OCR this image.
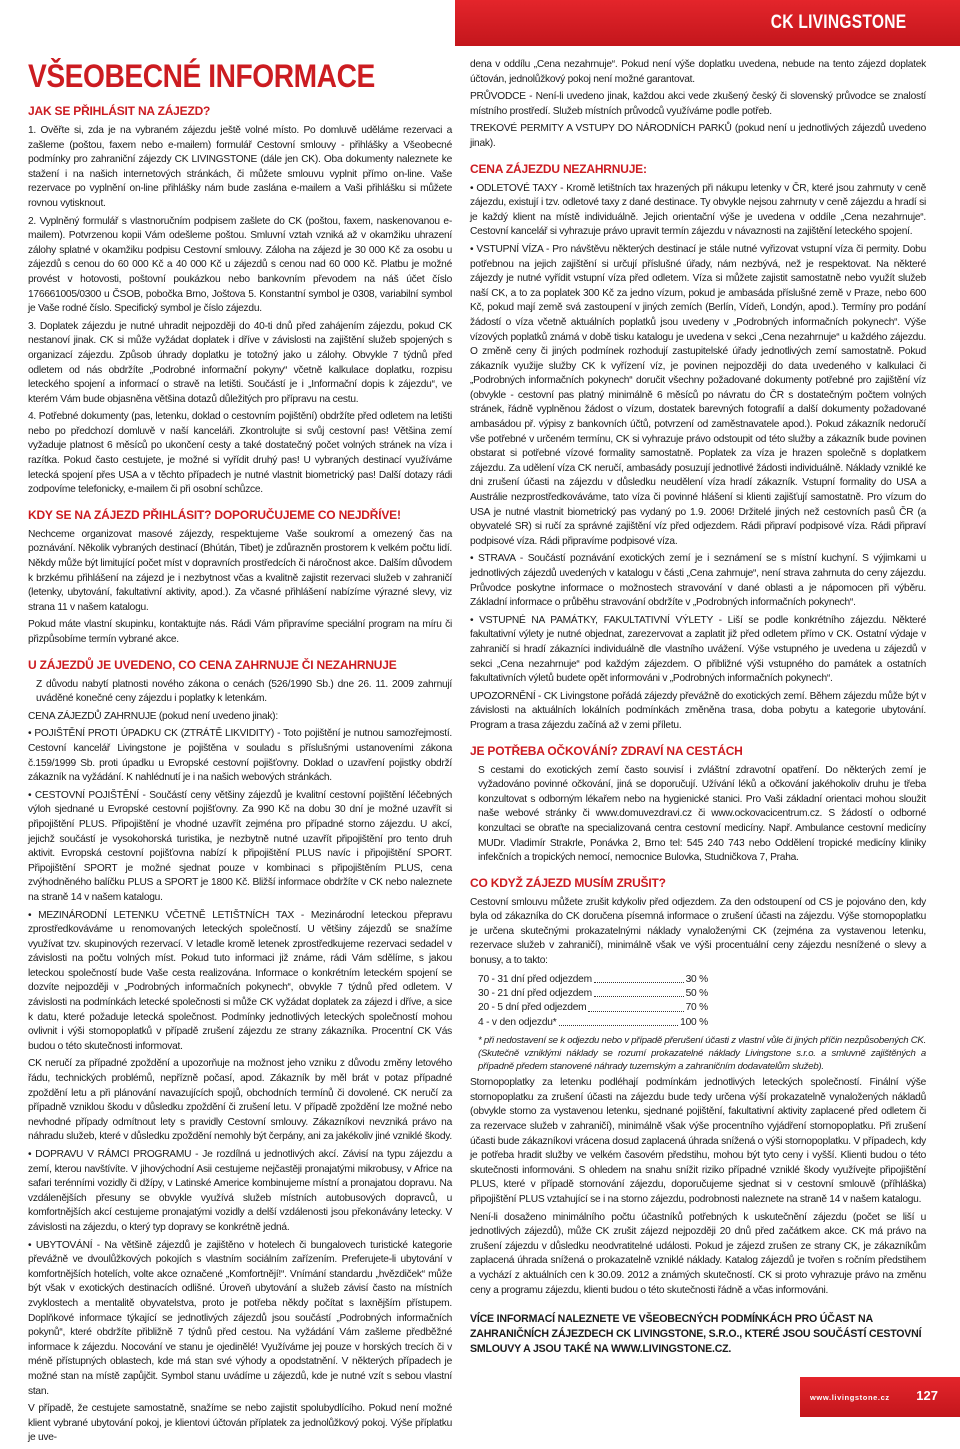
CK LIVINGSTONE
VŠEOBECNÉ INFORMACE
JAK SE PŘIHLÁSIT NA ZÁJEZD?

1. Ověřte si, zda je na vybraném zájezdu ještě volné místo. Po domluvě uděláme rezervaci a zašleme (poštou, faxem nebo e-mailem) formulář Cestovní smlouvy - přihlášky a Všeobecné podmínky pro zahraniční zájezdy CK LIVINGSTONE (dále jen CK). Oba dokumenty naleznete ke stažení i na našich internetových stránkách, či můžete smlouvu vyplnit přímo on-line. Vaše rezervace po vyplnění on-line přihlášky nám bude zaslána e-mailem a Vaši přihlášku si můžete rovnou vytisknout.

2. Vyplněný formulář s vlastnoručním podpisem zašlete do CK (poštou, faxem, naskenovanou e-mailem). Potvrzenou kopii Vám odešleme poštou. Smluvní vztah vzniká až v okamžiku uhrazení zálohy splatné v okamžiku podpisu Cestovní smlouvy. Záloha na zájezd je 30 000 Kč za osobu u zájezdů s cenou do 60 000 Kč a 40 000 Kč u zájezdů s cenou nad 60 000 Kč. Platbu je možné provést v hotovosti, poštovní poukázkou nebo bankovním převodem na náš účet číslo 176661005/0300 u ČSOB, pobočka Brno, Joštova 5. Konstantní symbol je 0308, variabilní symbol je Vaše rodné číslo. Specifický symbol je číslo zájezdu.

3. Doplatek zájezdu je nutné uhradit nejpozději do 40-ti dnů před zahájením zájezdu, pokud CK nestanoví jinak. CK si může vyžádat doplatek i dříve v závislosti na zajištění služeb spojených s organizací zájezdu. Způsob úhrady doplatku je totožný jako u zálohy. Obvykle 7 týdnů před odletem od nás obdržíte „Podrobné informační pokyny“ včetně kalkulace doplatku, rozpisu leteckého spojení a informací o stravě na letišti. Součástí je i „Informační dopis k zájezdu“, ve kterém Vám bude objasněna většina dotazů důležitých pro přípravu na cestu.

4. Potřebné dokumenty (pas, letenku, doklad o cestovním pojištění) obdržíte před odletem na letišti nebo po předchozí domluvě v naší kanceláři. Zkontrolujte si svůj cestovní pas! Většina zemí vyžaduje platnost 6 měsíců po ukončení cesty a také dostatečný počet volných stránek na víza i razítka. Pokud často cestujete, je možné si vyřídit druhý pas! U vybraných destinací využíváme letecká spojení přes USA a v těchto případech je nutné vlastnit biometrický pas! Další dotazy rádi zodpovíme telefonicky, e-mailem či při osobní schůzce.

KDY SE NA ZÁJEZD PŘIHLÁSIT? DOPORUČUJEME CO NEJDŘÍVE!

Nechceme organizovat masové zájezdy, respektujeme Vaše soukromí a omezený čas na poznávání. Několik vybraných destinací (Bhútán, Tibet) je zdůrazněn prostorem k velkém počtu lidí. Někdy může být limitující počet míst v dopravních prostředcích či náročnost akce. Dalším důvodem k brzkému přihlášení na zájezd je i nezbytnost včas a kvalitně zajistit rezervaci služeb v zahraničí (letenky, ubytování, fakultativní aktivity, apod.). Za včasné přihlášení nabízíme výrazné slevy, viz strana 11 v našem katalogu.

Pokud máte vlastní skupinku, kontaktujte nás. Rádi Vám připravíme speciální program na míru či přizpůsobíme termín vybrané akce.

U ZÁJEZDŮ JE UVEDENO, CO CENA ZAHRNUJE ČI NEZAHRNUJE

Z důvodu nabytí platnosti nového zákona o cenách (526/1990 Sb.) dne 26. 11. 2009 zahrnují uváděné konečné ceny zájezdu i poplatky k letenkám.

CENA ZÁJEZDŮ ZAHRNUJE (pokud není uvedeno jinak):

• POJIŠTĚNÍ PROTI ÚPADKU CK (ZTRÁTĚ LIKVIDITY) - Toto pojištění je nutnou samozřejmostí. Cestovní kancelář Livingstone je pojištěna v souladu s příslušnými ustanoveními zákona č.159/1999 Sb. proti úpadku u Evropské cestovní pojišťovny. Doklad o uzavření pojistky obdrží zákazník na vyžádání. K nahlédnutí je i na našich webových stránkách.

• CESTOVNÍ POJIŠTĚNÍ - Součástí ceny většiny zájezdů je kvalitní cestovní pojištění léčebných výloh sjednané u Evropské cestovní pojišťovny. Za 990 Kč na dobu 30 dní je možné uzavřít si připojištění PLUS. Připojištění je vhodné uzavřít zejména pro případné storno zájezdu. U akcí, jejichž součástí je vysokohorská turistika, je nezbytně nutné uzavřít připojištění pro tento druh aktivit. Evropská cestovní pojišťovna nabízí k připojištění PLUS navíc i připojištění SPORT. Připojištění SPORT je možné sjednat pouze v kombinaci s připojištěním PLUS, cena zvýhodněného balíčku PLUS a SPORT je 1800 Kč. Bližší informace obdržíte v CK nebo naleznete na straně 14 v našem katalogu.

• MEZINÁRODNÍ LETENKU VČETNĚ LETIŠTNÍCH TAX - Mezinárodní leteckou přepravu zprostředkováváme u renomovaných leteckých společností. U většiny zájezdů se snažíme využívat tzv. skupinových rezervací. V letadle kromě letenek zprostředkujeme rezervaci sedadel v závislosti na počtu volných míst. Pokud tuto informaci již známe, rádi Vám sdělíme, s jakou leteckou společností bude Vaše cesta realizována. Informace o konkrétním leteckém spojení se dozvíte nejpozději v „Podrobných informačních pokynech“, obvykle 7 týdnů před odletem. V závislosti na podmínkách letecké společnosti si může CK vyžádat doplatek za zájezd i dříve, a sice k datu, které požaduje letecká společnost. Podmínky jednotlivých leteckých společností mohou ovlivnit i výši stornopoplatků v případě zrušení zájezdu ze strany zákazníka. Procentní CK Vás budou o této skutečnosti informovat.

CK neručí za případné zpoždění a upozorňuje na možnost jeho vzniku z důvodu změny letového řádu, technických problémů, nepřízně počasí, apod. Zákazník by měl brát v potaz případné zpoždění letu a při plánování navazujících spojů, obchodních termínů či dovolené. CK neručí za případně vzniklou škodu v důsledku zpoždění či zrušení letu. V případě zpoždění lze možné nebo nevhodné případy odmítnout lety s pravidly Cestovní smlouvy. Zákazníkovi nevzniká právo na náhradu služeb, které v důsledku zpoždění nemohly být čerpány, ani za jakékoliv jiné vzniklé škody.

• DOPRAVU V RÁMCI PROGRAMU - Je rozdílná u jednotlivých akcí. Závisí na typu zájezdu a zemí, kterou navštívíte. V jihovýchodní Asii cestujeme nejčastěji pronajatými mikrobusy, v Africe na safari terénními vozidly či džípy, v Latinské Americe kombinujeme místní a pronajatou dopravu. Na vzdálenějších přesuny se obvykle využívá služeb místních autobusových dopravců, u komfortnějších akcí cestujeme pronajatými vozidly a delší vzdálenosti jsou překonávány letecky. V závislosti na zájezdu, o který typ dopravy se konkrétně jedná.

• UBYTOVÁNÍ - Na většině zájezdů je zajištěno v hotelech či bungalovech turistické kategorie převážně ve dvoulůžkových pokojích s vlastním sociálním zařízením. Preferujete-li ubytování v komfortnějších hotelích, volte akce označené „Komfortnějí!“. Vnímání standardu „hvězdiček“ může být však v exotických destinacích odlišné. Úroveň ubytování a služeb závisí často na místních zvyklostech a mentalitě obyvatelstva, proto je potřeba někdy počítat s laxnějším přístupem. Doplňkové informace týkající se jednotlivých zájezdů jsou součástí „Podrobných informačních pokynů“, které obdržíte přibližně 7 týdnů před cestou. Na vyžádání Vám zašleme předběžné informace k zájezdu. Nocování ve stanu je ojedinělé! Využíváme jej pouze v horských trecích či v méně přístupných oblastech, kde má stan své výhody a opodstatnění. V některých případech je možné stan na místě zapůjčit. Symbol stanu uvádíme u zájezdů, kde je nutné vzít s sebou vlastní stan.

V případě, že cestujete samostatně, snažíme se nebo zajistit spolubydlícího. Pokud není možné klient vybrané ubytování pokoj, je klientovi účtován příplatek za jednolůžkový pokoj. Výše příplatku je uve-

dena v oddílu „Cena nezahrnuje“. Pokud není výše doplatku uvedena, nebude na tento zájezd doplatek účtován, jednolůžkový pokoj není možné garantovat.

PRŮVODCE - Není-li uvedeno jinak, každou akci vede zkušený český či slovenský průvodce se znalostí místního prostředí. Služeb místních průvodců využíváme podle potřeb.

TREKOVÉ PERMITY A VSTUPY DO NÁRODNÍCH PARKŮ (pokud není u jednotlivých zájezdů uvedeno jinak).

CENA ZÁJEZDU NEZAHRNUJE:

• ODLETOVÉ TAXY - Kromě letištních tax hrazených při nákupu letenky v ČR, které jsou zahrnuty v ceně zájezdu, existují i tzv. odletové taxy z dané destinace. Ty obvykle nejsou zahrnuty v ceně zájezdu a hradí si je každý klient na místě individuálně. Jejich orientační výše je uvedena v oddíle „Cena nezahrnuje“. Cestovní kancelář si vyhrazuje právo upravit termín zájezdu v návaznosti na zajištění leteckého spojení.

• VSTUPNÍ VÍZA - Pro návštěvu některých destinací je stále nutné vyřizovat vstupní víza či permity. Dobu potřebnou na jejich zajištění si určují příslušné úřady, nám nezbývá, než je respektovat. Na některé zájezdy je nutné vyřídit vstupní víza před odletem. Víza si můžete zajistit samostatně nebo využít služeb naší CK, a to za poplatek 300 Kč za jedno vízum, pokud je ambasáda příslušné země v Praze, nebo 600 Kč, pokud mají země svá zastoupení v jiných zemích (Berlín, Vídeň, Londýn, apod.). Termíny pro podání žádostí o víza včetně aktuálních poplatků jsou uvedeny v „Podrobných informačních pokynech“. Výše vízových poplatků známá v době tisku katalogu je uvedena v sekci „Cena nezahrnuje“ u každého zájezdu. O změně ceny či jiných podmínek rozhodují zastupitelské úřady jednotlivých zemí samostatně. Pokud zákazník využije služby CK k vyřízení víz, je povinen nejpozději do data uvedeného v kalkulaci či „Podrobných informačních pokynech“ doručit všechny požadované dokumenty potřebné pro zajištění víz (obvykle - cestovní pas platný minimálně 6 měsíců po návratu do ČR s dostatečným počtem volných stránek, řádně vyplněnou žádost o vízum, dostatek barevných fotografií a další dokumenty požadované ambasádou př. výpisy z bankovních účtů, potvrzení od zaměstnavatele apod.). Pokud zákazník nedoručí vše potřebné v určeném termínu, CK si vyhrazuje právo odstoupit od této služby a zákazník bude povinen obstarat si potřebné vízové formality samostatně. Poplatek za víza je hrazen společně s doplatkem zájezdu. Za udělení víza CK neručí, ambasády posuzují jednotlivé žádosti individuálně. Náklady vzniklé ke dni zrušení účasti na zájezdu v důsledku neudělení víza hradí zákazník. Vstupní formality do USA a Austrálie nezprostředkováváme, tato víza či povinné hlášení si klienti zajišťují samostatně. Pro vízum do USA je nutné vlastnit biometrický pas vydaný po 1.9. 2006! Držitelé jiných než cestovních pasů ČR (a obyvatelé SR) si ručí za správné zajištění víz před odjezdem. Rádi připraví podpisové víza. Rádi připraví podpisové víza. Rádi připravíme podpisové víza.

• STRAVA - Součástí poznávání exotických zemí je i seznámení se s místní kuchyní. S výjimkami u jednotlivých zájezdů uvedených v katalogu v části „Cena zahrnuje“, není strava zahrnuta do ceny zájezdu. Průvodce poskytne informace o možnostech stravování v dané oblasti a je nápomocen při výběru. Základní informace o průběhu stravování obdržíte v „Podrobných informačních pokynech“.

• VSTUPNÉ NA PAMÁTKY, FAKULTATIVNÍ VÝLETY - Liší se podle konkrétního zájezdu. Některé fakultativní výlety je nutné objednat, zarezervovat a zaplatit již před odletem přímo v CK. Ostatní výdaje v zahraničí si hradí zákazníci individuálně dle vlastního uvážení. Výše vstupného je uvedena u zájezdů v sekci „Cena nezahrnuje“ pod každým zájezdem. O přibližné výši vstupného do památek a ostatních fakultativních výletů budete opět informováni v „Podrobných informačních pokynech“.

UPOZORNĚNÍ - CK Livingstone pořádá zájezdy převážně do exotických zemí. Během zájezdu může být v závislosti na aktuálních lokálních podmínkách změněna trasa, doba pobytu a kategorie ubytování. Program a trasa zájezdu začíná až v zemi příletu.

JE POTŘEBA OČKOVÁNÍ? ZDRAVÍ NA CESTÁCH

S cestami do exotických zemí často souvisí i zvláštní zdravotní opatření. Do některých zemí je vyžadováno povinné očkování, jiná se doporučují. Užívání léků a očkování jakéhokoliv druhu je třeba konzultovat s odborným lékařem nebo na hygienické stanici. Pro Vaši základní orientaci mohou sloužit naše webové stránky či www.domuvezdravi.cz či www.ockovacicentrum.cz. S žádostí o odborné konzultaci se obraťte na specializovaná centra cestovní medicíny. Např. Ambulance cestovní medicíny MUDr. Vladimír Strakrle, Ponávka 2, Brno tel: 545 240 743 nebo Oddělení tropické medicíny kliniky infekčních a tropických nemocí, nemocnice Bulovka, Studničkova 7, Praha.

CO KDYŽ ZÁJEZD MUSÍM ZRUŠIT?

Cestovní smlouvu můžete zrušit kdykoliv před odjezdem. Za den odstoupení od CS je pojováno den, kdy byla od zákazníka do CK doručena písemná informace o zrušení účasti na zájezdu. Výše stornopoplatku je určena skutečnými prokazatelnými náklady vynaloženými CK (zejména za vystavenou letenku, rezervace služeb v zahraničí), minimálně však ve výši procentuální ceny zájezdu nesnížené o slevy a bonusy, a to takto:

70 - 31 dní před odjezdem	30 %
30 - 21 dní před odjezdem	50 %
20 - 5 dní před odjezdem	70 %
4 - v den odjezdu*	100 %

* při nedostavení se k odjezdu nebo v případě přerušení účasti z vlastní vůle či jiných příčin nezpůsobených CK. (Skutečně vzniklými náklady se rozumí prokazatelné náklady Livingstone s.r.o. a smluvně zajištěných a případně předem stanovené náhrady tuzemským a zahraničním dodavatelům služeb).

Stornopoplatky za letenku podléhají podmínkám jednotlivých leteckých společností. Finální výše stornopoplatku za zrušení účasti na zájezdu bude tedy určena výší prokazatelně vynaložených nákladů (obvykle storno za vystavenou letenku, sjednané pojištění, fakultativní aktivity zaplacené před odletem či za rezervace služeb v zahraničí), minimálně však výše procentního vyjádření stornopoplatku. Při zrušení účasti bude zákazníkovi vrácena dosud zaplacená úhrada snížená o výši stornopoplatku. V případech, kdy je potřeba hradit služby ve velkém časovém předstihu, mohou být tyto ceny i vyšší. Klienti budou o této skutečnosti informováni. S ohledem na snahu snížit riziko případné vzniklé škody využívejte připojištění PLUS, které v případě stornování zájezdu, doporučujeme sjednat si v cestovní smlouvě (příhláška) připojištění PLUS vztahující se i na storno zájezdu, podrobnosti naleznete na straně 14 v našem katalogu.

Není-li dosaženo minimálního počtu účastníků potřebných k uskutečnění zájezdu (počet se liší u jednotlivých zájezdů), může CK zrušit zájezd nejpozději 20 dnů před začátkem akce. CK má právo na zrušení zájezdu v důsledku neodvratitelné události. Pokud je zájezd zrušen ze strany CK, je zákazníkům zaplacená úhrada snížená o prokazatelně vzniklé náklady. Katalog zájezdů je tvořen s ročním předstihem a vychází z aktuálních cen k 30.09. 2012 a známých skutečností. CK si proto vyhrazuje právo na změnu ceny a programu zájezdu, klienti budou o této skutečnosti řádně a včas informováni.

VÍCE INFORMACÍ NALEZNETE VE VŠEOBECNÝCH PODMÍNKÁCH PRO ÚČAST NA ZAHRANIČNÍCH ZÁJEZDECH CK LIVINGSTONE, S.R.O., KTERÉ JSOU SOUČÁSTÍ CESTOVNÍ SMLOUVY A JSOU TAKÉ NA WWW.LIVINGSTONE.CZ.

www.livingstone.cz 127
